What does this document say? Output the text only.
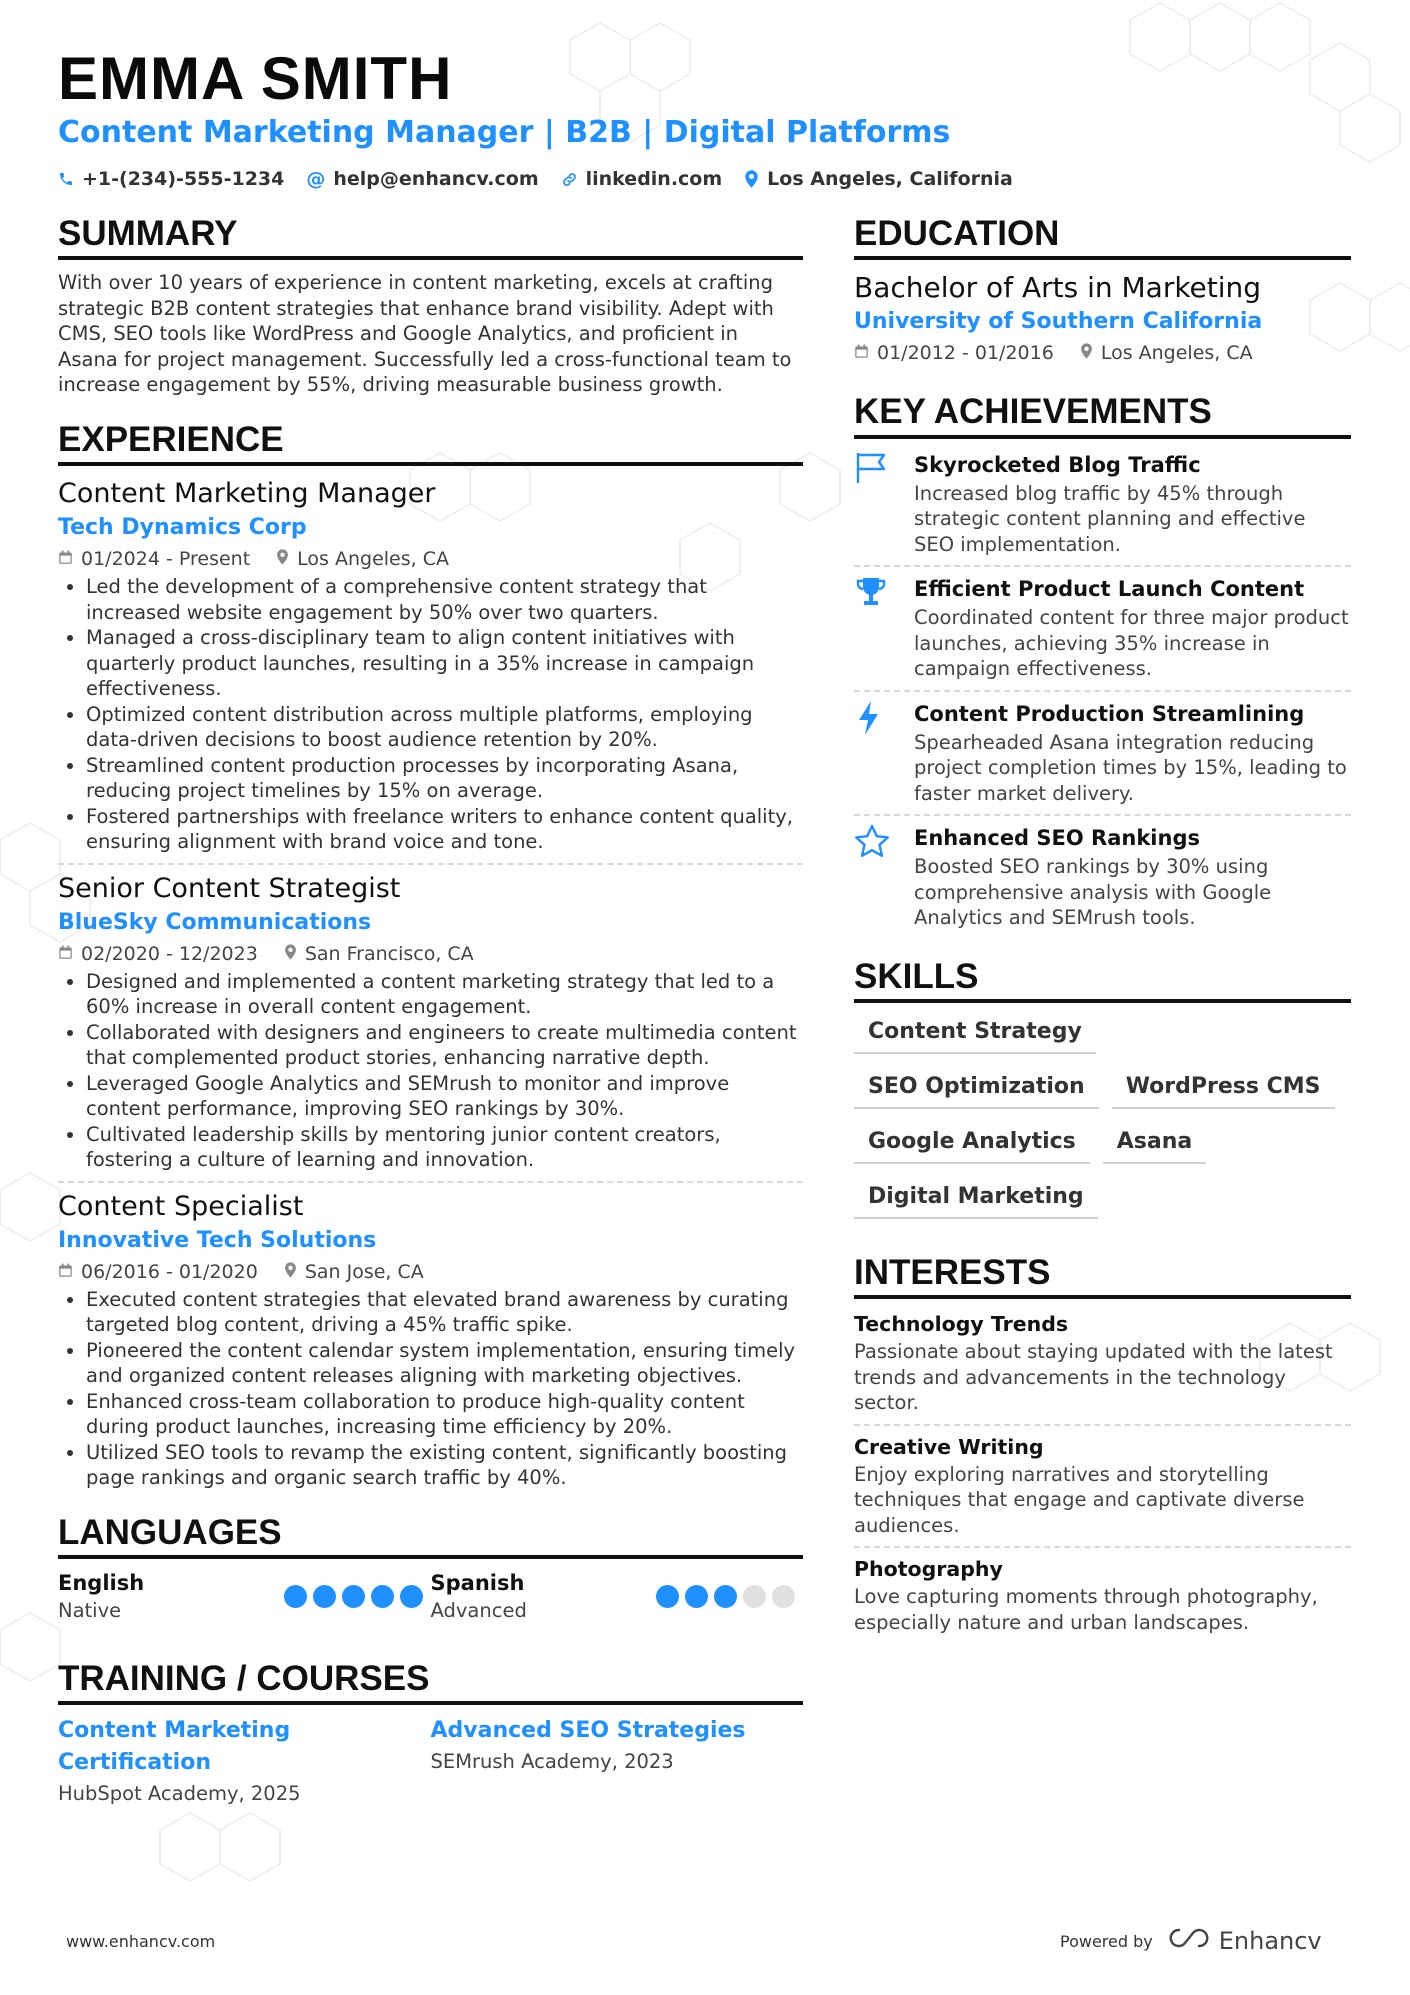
EMMA SMITH

Content Marketing Manager | B2B | Digital Platforms

+1-(234)-555-1234 @ help@enhancv.com linkedin.com Los Angeles, California
SUMMARY

With over 10 years of experience in content marketing, excels at crafting strategic B2B content strategies that enhance brand visibility. Adept with CMS, SEO tools like WordPress and Google Analytics, and proficient in Asana for project management. Successfully led a cross-functional team to increase engagement by 55%, driving measurable business growth.

EXPERIENCE

Content Marketing Manager

Tech Dynamics Corp

01/2024 - Present Los Angeles, CA
• Led the development of a comprehensive content strategy that increased website engagement by 50% over two quarters.
• Managed a cross-disciplinary team to align content initiatives with quarterly product launches, resulting in a 35% increase in campaign effectiveness.
• Optimized content distribution across multiple platforms, employing data-driven decisions to boost audience retention by 20%.
• Streamlined content production processes by incorporating Asana, reducing project timelines by 15% on average.
• Fostered partnerships with freelance writers to enhance content quality, ensuring alignment with brand voice and tone.

Senior Content Strategist

BlueSky Communications

02/2020 - 12/2023 San Francisco, CA
• Designed and implemented a content marketing strategy that led to a 60% increase in overall content engagement.
• Collaborated with designers and engineers to create multimedia content that complemented product stories, enhancing narrative depth.
• Leveraged Google Analytics and SEMrush to monitor and improve content performance, improving SEO rankings by 30%.
• Cultivated leadership skills by mentoring junior content creators, fostering a culture of learning and innovation.

Content Specialist

Innovative Tech Solutions

06/2016 - 01/2020 San Jose, CA
• Executed content strategies that elevated brand awareness by curating targeted blog content, driving a 45% traffic spike.
• Pioneered the content calendar system implementation, ensuring timely and organized content releases aligning with marketing objectives.
• Enhanced cross-team collaboration to produce high-quality content during product launches, increasing time efficiency by 20%.
• Utilized SEO tools to revamp the existing content, significantly boosting page rankings and organic search traffic by 40%.
LANGUAGES
English
Native
Spanish
Advanced
TRAINING / COURSES
Content Marketing Certification
HubSpot Academy, 2025
Advanced SEO Strategies
SEMrush Academy, 2023
EDUCATION

Bachelor of Arts in Marketing

University of Southern California

01/2012 - 01/2016 Los Angeles, CA
KEY ACHIEVEMENTS
Skyrocketed Blog Traffic
Increased blog traffic by 45% through strategic content planning and effective SEO implementation.
Efficient Product Launch Content
Coordinated content for three major product launches, achieving 35% increase in campaign effectiveness.
Content Production Streamlining
Spearheaded Asana integration reducing project completion times by 15%, leading to faster market delivery.
Enhanced SEO Rankings
Boosted SEO rankings by 30% using comprehensive analysis with Google Analytics and SEMrush tools.
SKILLS
Content Strategy
SEO Optimization	WordPress CMS
Google Analytics	Asana
Digital Marketing
INTERESTS
Technology Trends
Passionate about staying updated with the latest trends and advancements in the technology sector.
Creative Writing
Enjoy exploring narratives and storytelling techniques that engage and captivate diverse audiences.
Photography
Love capturing moments through photography, especially nature and urban landscapes.
www.enhancv.com	Powered by	Enhancv
